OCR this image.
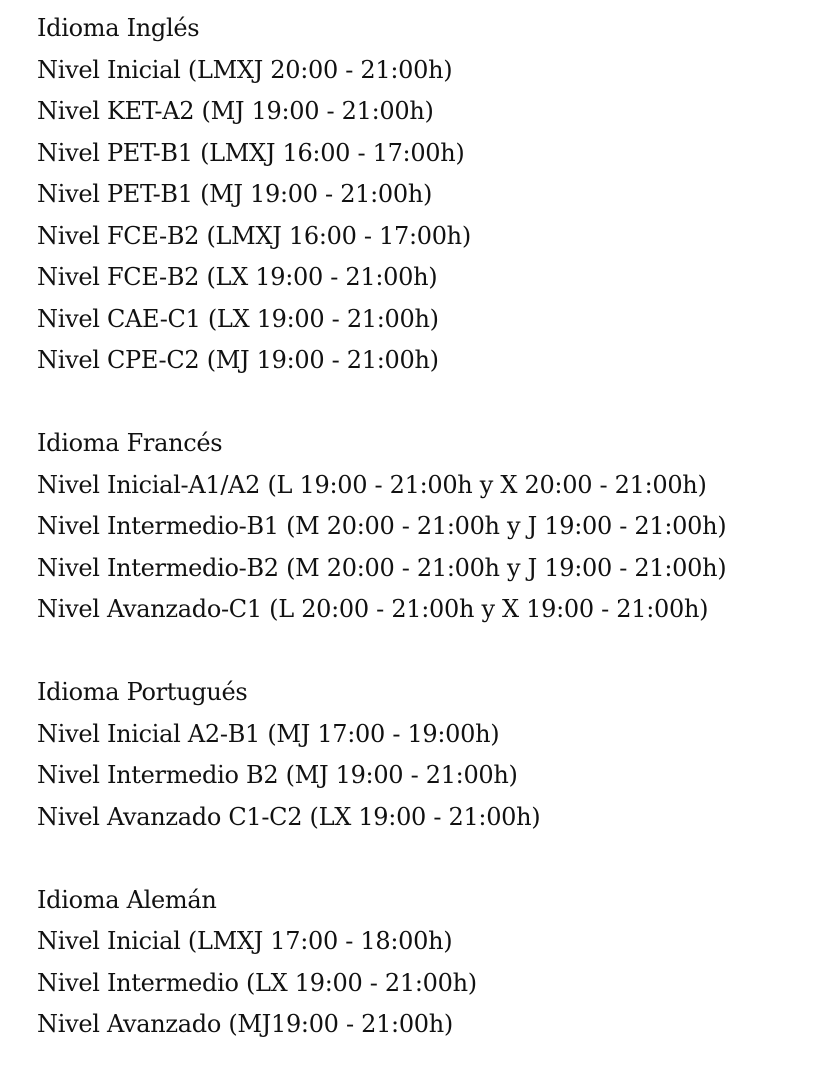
Idioma Inglés
Nivel Inicial (LMXJ 20:00 - 21:00h)
Nivel KET-A2 (MJ 19:00 - 21:00h)
Nivel PET-B1 (LMXJ 16:00 - 17:00h)
Nivel PET-B1 (MJ 19:00 - 21:00h)
Nivel FCE-B2 (LMXJ 16:00 - 17:00h)
Nivel FCE-B2 (LX 19:00 - 21:00h)
Nivel CAE-C1 (LX 19:00 - 21:00h)
Nivel CPE-C2 (MJ 19:00 - 21:00h)
Idioma Francés
Nivel Inicial-A1/A2 (L 19:00 - 21:00h y X 20:00 - 21:00h)
Nivel Intermedio-B1 (M 20:00 - 21:00h y J 19:00 - 21:00h)
Nivel Intermedio-B2 (M 20:00 - 21:00h y J 19:00 - 21:00h)
Nivel Avanzado-C1 (L 20:00 - 21:00h y X 19:00 - 21:00h)
Idioma Portugués
Nivel Inicial A2-B1 (MJ 17:00 - 19:00h)
Nivel Intermedio B2 (MJ 19:00 - 21:00h)
Nivel Avanzado C1-C2 (LX 19:00 - 21:00h)
Idioma Alemán
Nivel Inicial (LMXJ 17:00 - 18:00h)
Nivel Intermedio (LX 19:00 - 21:00h)
Nivel Avanzado (MJ19:00 - 21:00h)
